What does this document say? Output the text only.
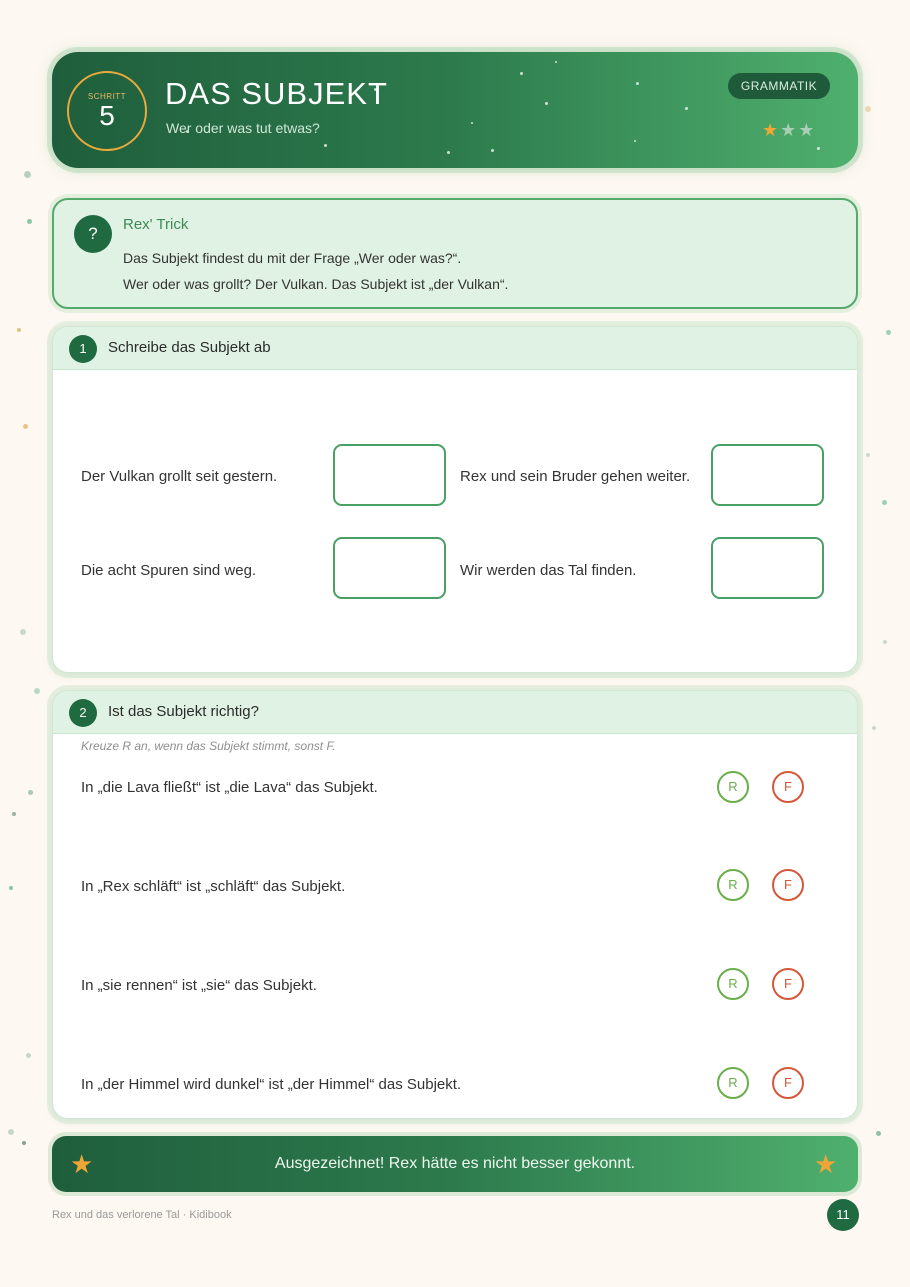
SCHRITT
5
DAS SUBJEKT
Wer oder was tut etwas?
GRAMMATIK
★★★
?	Rex' Trick
Das Subjekt findest du mit der Frage „Wer oder was?“.
Wer oder was grollt? Der Vulkan. Das Subjekt ist „der Vulkan“.
1	Schreibe das Subjekt ab
Der Vulkan grollt seit gestern.	Rex und sein Bruder gehen weiter.
Die acht Spuren sind weg.	Wir werden das Tal finden.
2	Ist das Subjekt richtig?
Kreuze R an, wenn das Subjekt stimmt, sonst F.
In „die Lava fließt“ ist „die Lava“ das Subjekt.	R	F
In „Rex schläft“ ist „schläft“ das Subjekt.	R	F
In „sie rennen“ ist „sie“ das Subjekt.	R	F
In „der Himmel wird dunkel“ ist „der Himmel“ das Subjekt.	R	F
★	Ausgezeichnet! Rex hätte es nicht besser gekonnt.	★
Rex und das verlorene Tal · Kidibook	11
